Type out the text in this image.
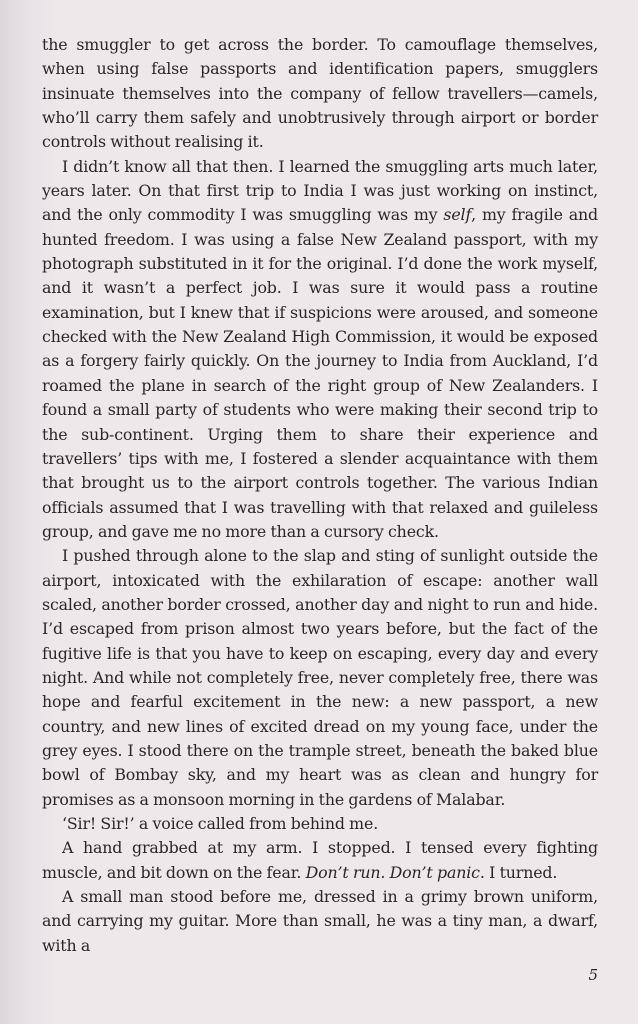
the smuggler to get across the border. To camouflage themselves, when using false passports and identification papers, smugglers insinuate themselves into the company of fellow travellers—camels, who’ll carry them safely and unobtrusively through airport or border controls without realising it.

I didn’t know all that then. I learned the smuggling arts much later, years later. On that first trip to India I was just working on instinct, and the only commodity I was smuggling was my self, my fragile and hunted freedom. I was using a false New Zealand passport, with my photograph substituted in it for the original. I’d done the work myself, and it wasn’t a perfect job. I was sure it would pass a routine examination, but I knew that if suspicions were aroused, and someone checked with the New Zealand High Commission, it would be exposed as a forgery fairly quickly. On the journey to India from Auckland, I’d roamed the plane in search of the right group of New Zealanders. I found a small party of students who were making their second trip to the sub-continent. Urging them to share their experience and travellers’ tips with me, I fostered a slender acquaintance with them that brought us to the airport controls together. The various Indian officials assumed that I was travelling with that relaxed and guileless group, and gave me no more than a cursory check.

I pushed through alone to the slap and sting of sunlight outside the airport, intoxicated with the exhilaration of escape: another wall scaled, another border crossed, another day and night to run and hide. I’d escaped from prison almost two years before, but the fact of the fugitive life is that you have to keep on escaping, every day and every night. And while not completely free, never completely free, there was hope and fearful excitement in the new: a new passport, a new country, and new lines of excited dread on my young face, under the grey eyes. I stood there on the trample street, beneath the baked blue bowl of Bombay sky, and my heart was as clean and hungry for promises as a monsoon morning in the gardens of Malabar.

‘Sir! Sir!’ a voice called from behind me.

A hand grabbed at my arm. I stopped. I tensed every fighting muscle, and bit down on the fear. Don’t run. Don’t panic. I turned.

A small man stood before me, dressed in a grimy brown uniform, and carrying my guitar. More than small, he was a tiny man, a dwarf, with a

5
